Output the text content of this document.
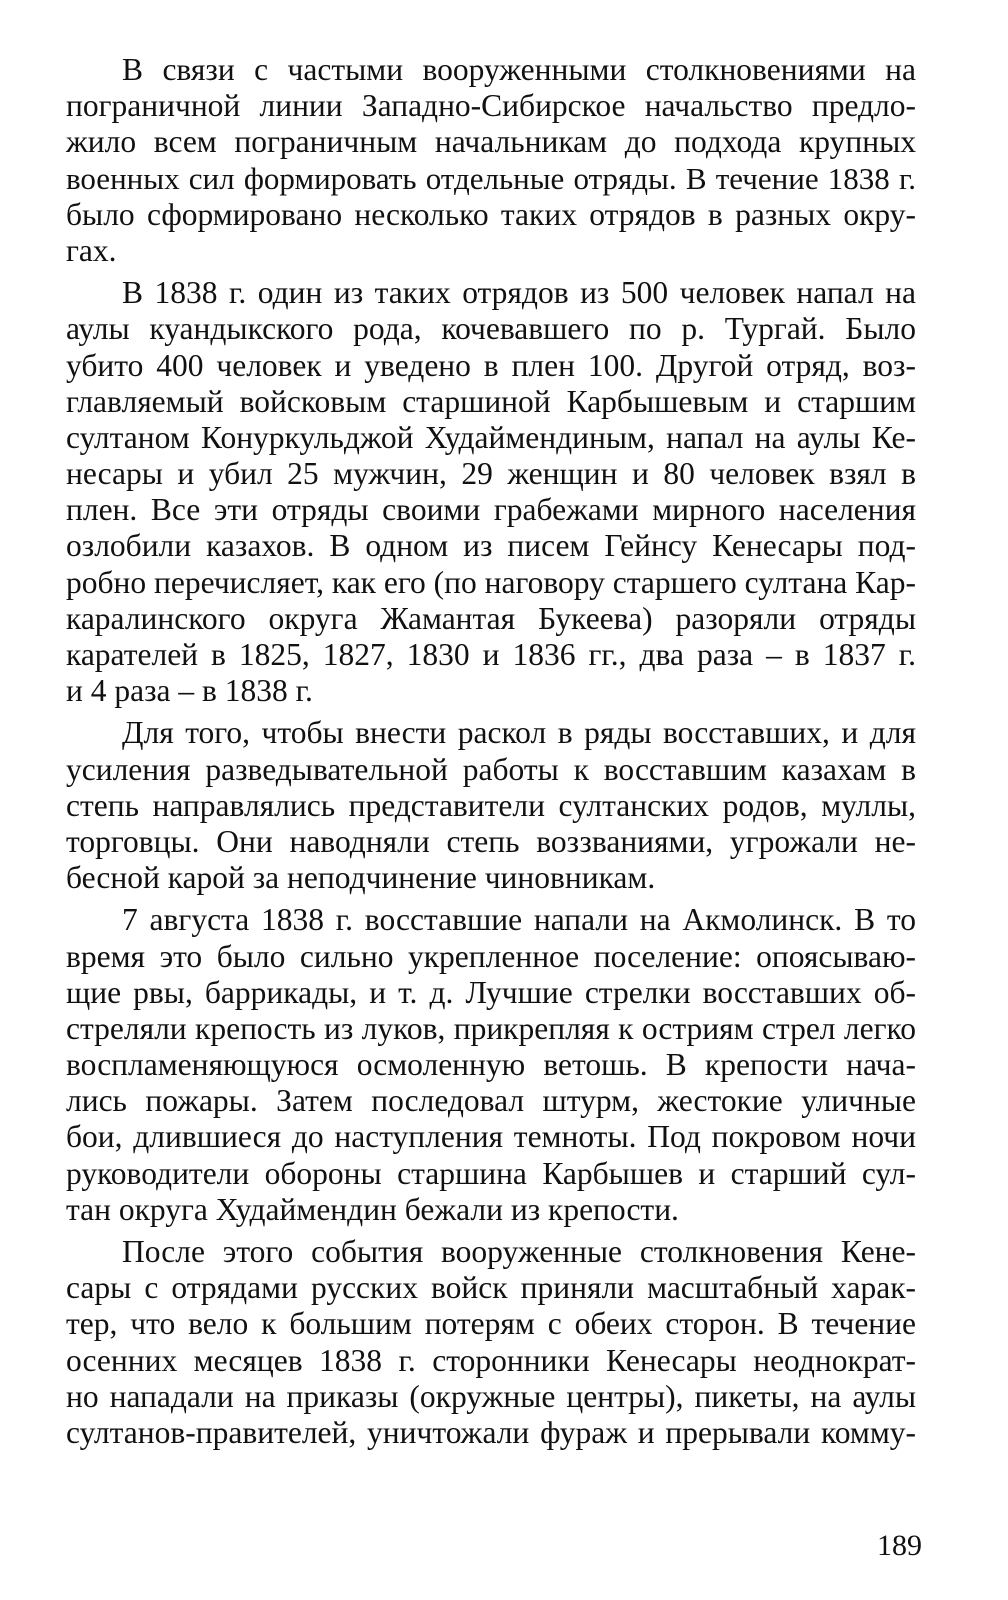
В связи с частыми вооруженными столкновениями на
пограничной линии Западно-Сибирское начальство предло-
жило всем пограничным начальникам до подхода крупных
военных сил формировать отдельные отряды. В течение 1838 г.
было сформировано несколько таких отрядов в разных окру-
гах.
В 1838 г. один из таких отрядов из 500 человек напал на
аулы куандыкского рода, кочевавшего по р. Тургай. Было
убито 400 человек и уведено в плен 100. Другой отряд, воз-
главляемый войсковым старшиной Карбышевым и старшим
султаном Конуркульджой Худаймендиным, напал на аулы Ке-
несары и убил 25 мужчин, 29 женщин и 80 человек взял в
плен. Все эти отряды своими грабежами мирного населения
озлобили казахов. В одном из писем Гейнсу Кенесары под-
робно перечисляет, как его (по наговору старшего султана Кар-
каралинского округа Жамантая Букеева) разоряли отряды
карателей в 1825, 1827, 1830 и 1836 гг., два раза – в 1837 г.
и 4 раза – в 1838 г.
Для того, чтобы внести раскол в ряды восставших, и для
усиления разведывательной работы к восставшим казахам в
степь направлялись представители султанских родов, муллы,
торговцы. Они наводняли степь воззваниями, угрожали не-
бесной карой за неподчинение чиновникам.
7 августа 1838 г. восставшие напали на Акмолинск. В то
время это было сильно укрепленное поселение: опоясываю-
щие рвы, баррикады, и т. д. Лучшие стрелки восставших об-
стреляли крепость из луков, прикрепляя к остриям стрел легко
воспламеняющуюся осмоленную ветошь. В крепости нача-
лись пожары. Затем последовал штурм, жестокие уличные
бои, длившиеся до наступления темноты. Под покровом ночи
руководители обороны старшина Карбышев и старший сул-
тан округа Худаймендин бежали из крепости.
После этого события вооруженные столкновения Кене-
сары с отрядами русских войск приняли масштабный харак-
тер, что вело к большим потерям с обеих сторон. В течение
осенних месяцев 1838 г. сторонники Кенесары неоднократ-
но нападали на приказы (окружные центры), пикеты, на аулы
султанов-правителей, уничтожали фураж и прерывали комму-
189
